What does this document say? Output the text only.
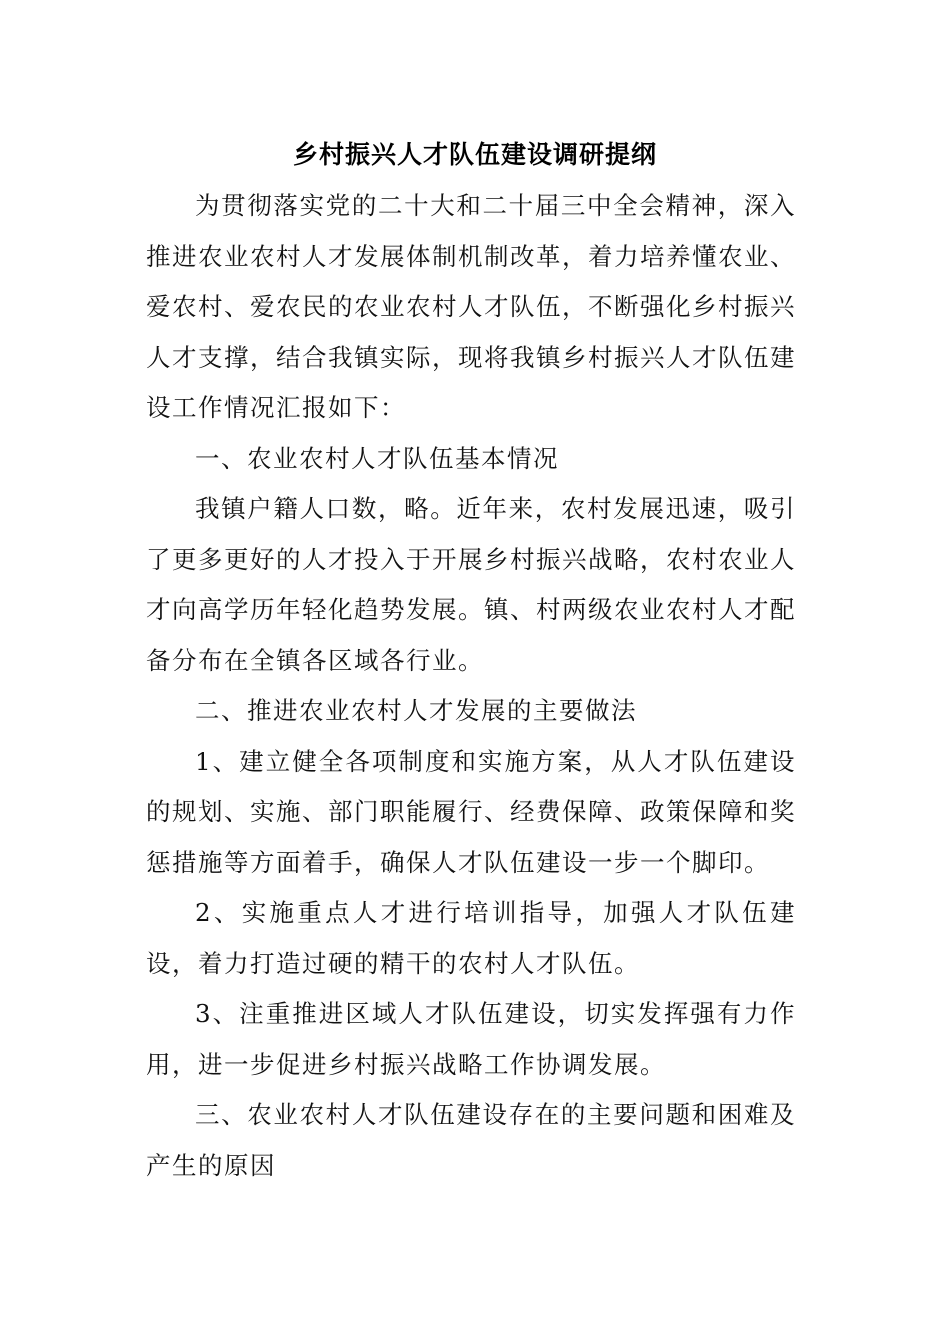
乡村振兴人才队伍建设调研提纲

为贯彻落实党的二十大和二十届三中全会精神，深入推进农业农村人才发展体制机制改革，着力培养懂农业、爱农村、爱农民的农业农村人才队伍，不断强化乡村振兴人才支撑，结合我镇实际，现将我镇乡村振兴人才队伍建设工作情况汇报如下：

一、农业农村人才队伍基本情况

我镇户籍人口数，略。近年来，农村发展迅速，吸引了更多更好的人才投入于开展乡村振兴战略，农村农业人才向高学历年轻化趋势发展。镇、村两级农业农村人才配备分布在全镇各区域各行业。

二、推进农业农村人才发展的主要做法

1、建立健全各项制度和实施方案，从人才队伍建设的规划、实施、部门职能履行、经费保障、政策保障和奖惩措施等方面着手，确保人才队伍建设一步一个脚印。

2、实施重点人才进行培训指导，加强人才队伍建设，着力打造过硬的精干的农村人才队伍。

3、注重推进区域人才队伍建设，切实发挥强有力作用，进一步促进乡村振兴战略工作协调发展。

三、农业农村人才队伍建设存在的主要问题和困难及产生的原因
